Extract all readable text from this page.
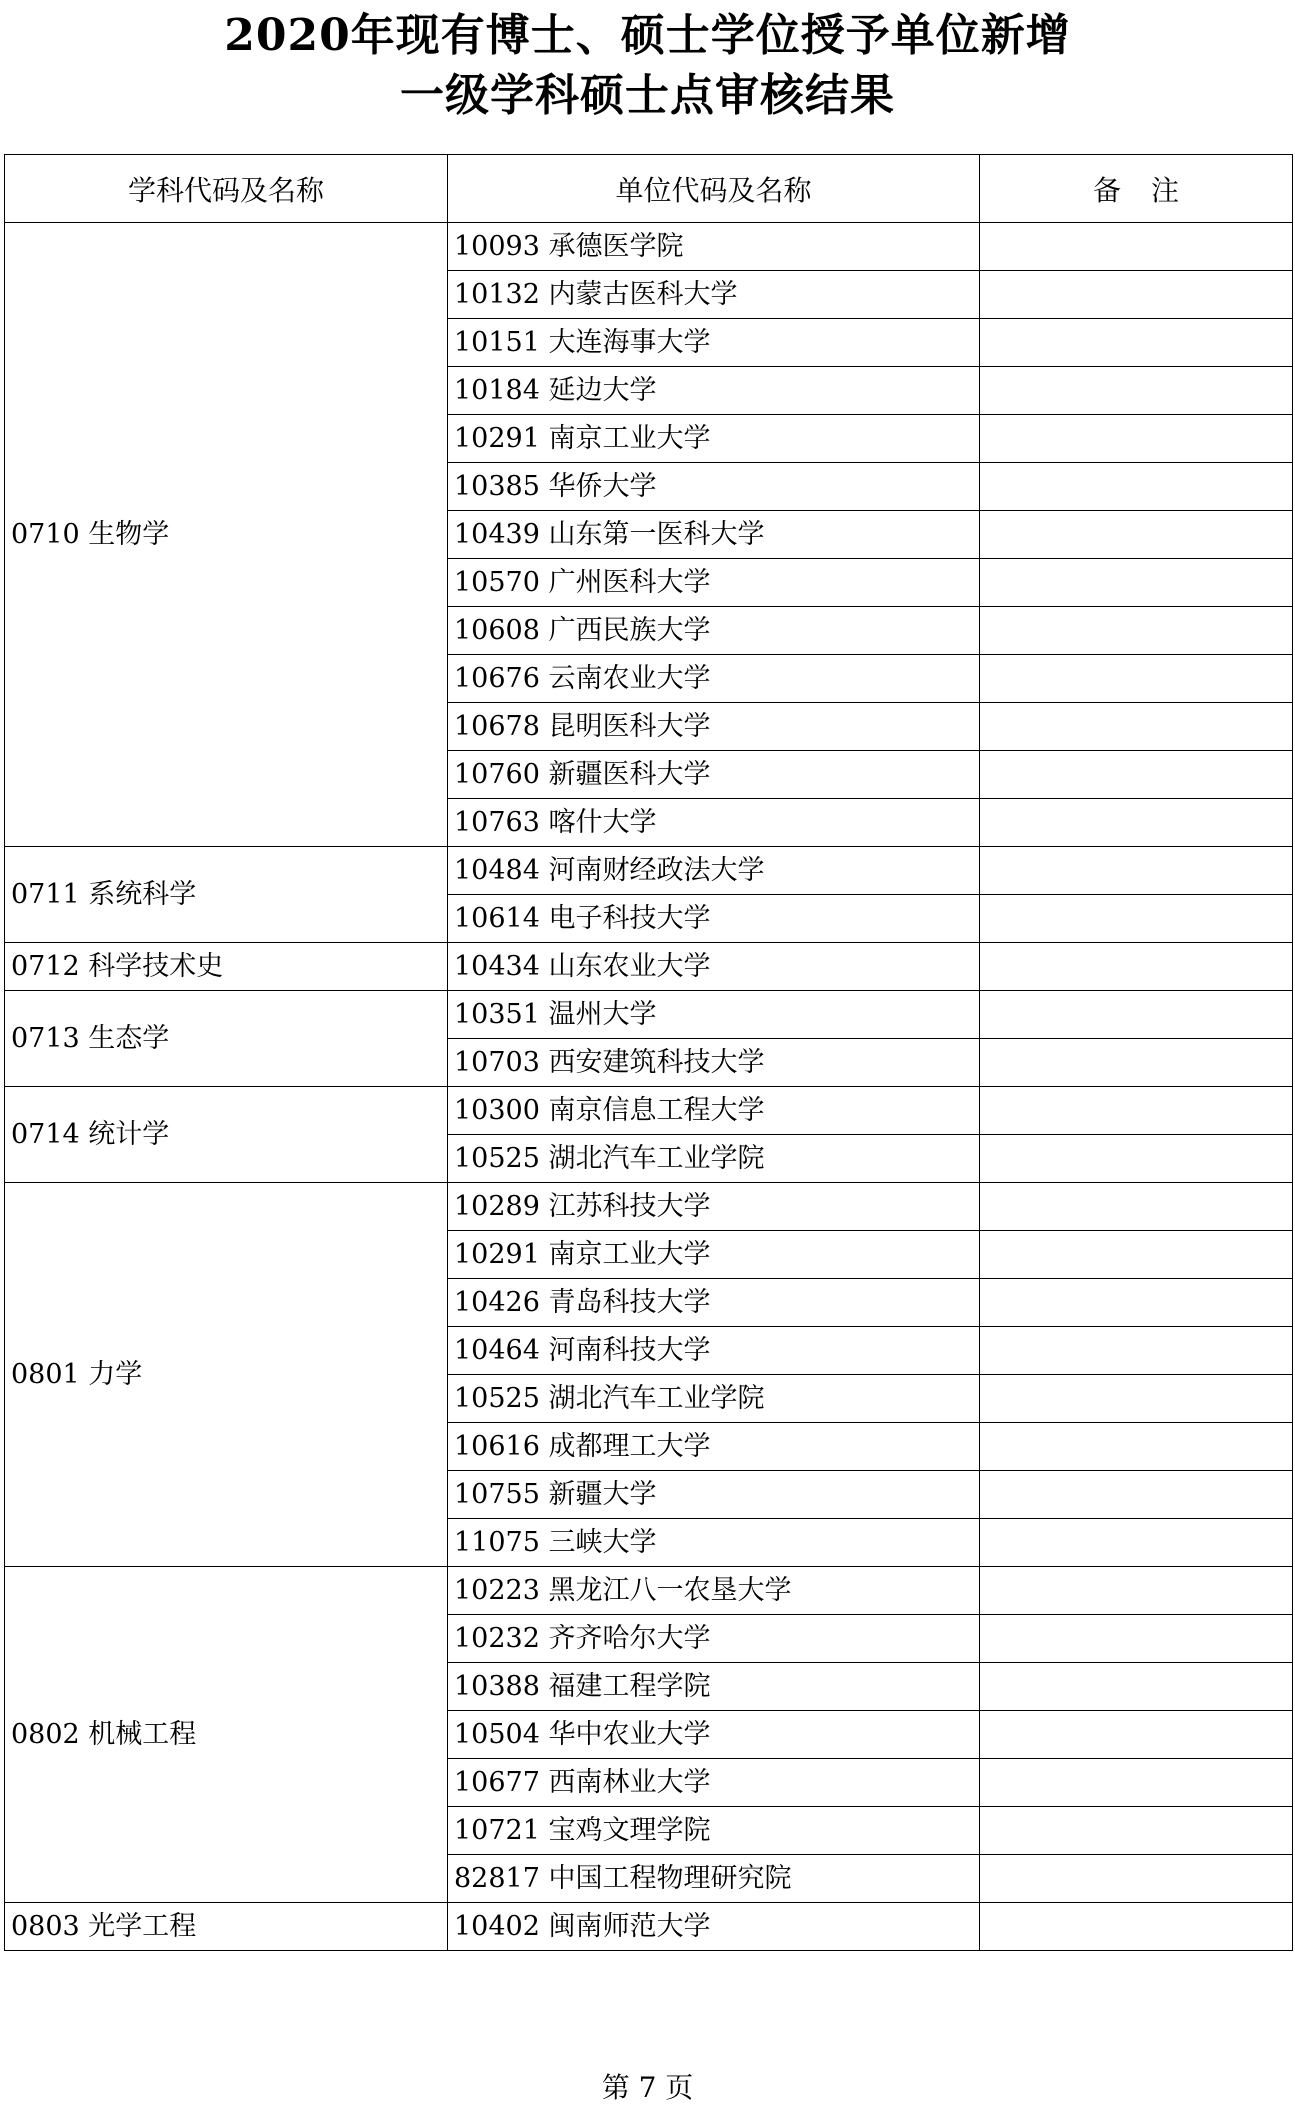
2020年现有博士、硕士学位授予单位新增
一级学科硕士点审核结果
学科代码及名称	单位代码及名称	备注
0710 生物学	10093 承德医学院	
	10132 内蒙古医科大学	
	10151 大连海事大学	
	10184 延边大学	
	10291 南京工业大学	
	10385 华侨大学	
	10439 山东第一医科大学	
	10570 广州医科大学	
	10608 广西民族大学	
	10676 云南农业大学	
	10678 昆明医科大学	
	10760 新疆医科大学	
	10763 喀什大学	
0711 系统科学	10484 河南财经政法大学	
	10614 电子科技大学	
0712 科学技术史	10434 山东农业大学	
0713 生态学	10351 温州大学	
	10703 西安建筑科技大学	
0714 统计学	10300 南京信息工程大学	
	10525 湖北汽车工业学院	
0801 力学	10289 江苏科技大学	
	10291 南京工业大学	
	10426 青岛科技大学	
	10464 河南科技大学	
	10525 湖北汽车工业学院	
	10616 成都理工大学	
	10755 新疆大学	
	11075 三峡大学	
0802 机械工程	10223 黑龙江八一农垦大学	
	10232 齐齐哈尔大学	
	10388 福建工程学院	
	10504 华中农业大学	
	10677 西南林业大学	
	10721 宝鸡文理学院	
	82817 中国工程物理研究院	
0803 光学工程	10402 闽南师范大学	
第 7 页
